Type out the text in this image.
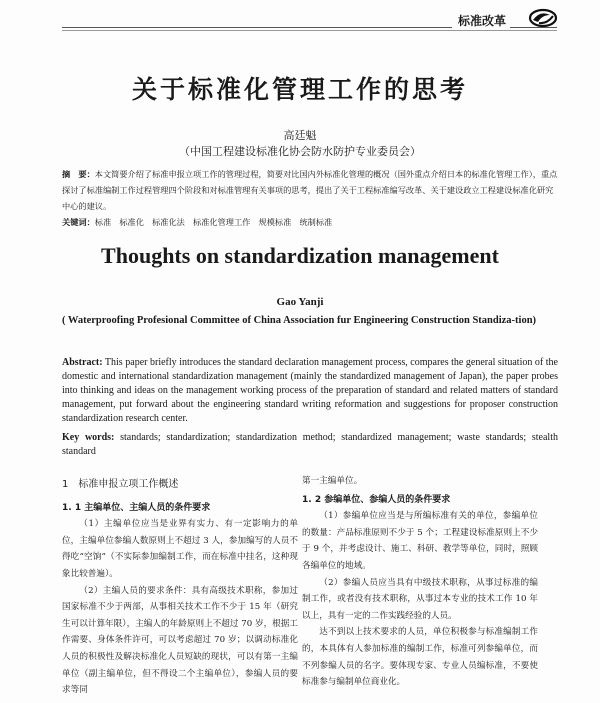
标准改革
关于标准化管理工作的思考
高廷魁
（中国工程建设标准化协会防水防护专业委员会）

摘　要：本文简要介绍了标准申报立项工作的管理过程，简要对比国内外标准化管理的概况（国外重点介绍日本的标准化管理工作），重点探讨了标准编制工作过程管理四个阶段和对标准管理有关事项的思考，提出了关于工程标准编写改革、关于建设政立工程建设标准化研究中心的建议。

关键词：标准　标准化　标准化法　标准化管理工作　规模标准　统制标准

Thoughts on standardization management
Gao Yanji

( Waterproofing Profesional Committee of China Association fur Engineering Construction Standiza-tion)

Abstract: This paper briefly introduces the standard declaration management process, compares the general situation of the domestic and international standardization management (mainly the standardized management of Japan), the paper probes into thinking and ideas on the management working process of the preparation of standard and related matters of standard management, put forward about the engineering standard writing reformation and suggestions for proposer construction standardization research center.

Key words: standards; standardization; standardization method; standardized management; waste standards; stealth standard

1　标准申报立项工作概述

1. 1 主编单位、主编人员的条件要求

（1）主编单位应当是业界有实力、有一定影响力的单位，主编单位参编人数原则上不超过 3 人，参加编写的人员不得吃“空饷”（不实际参加编制工作，而在标准中挂名，这种现象比较普遍）。

（2）主编人员的要求条件：具有高级技术职称，参加过国家标准不少于两部，从事相关技术工作不少于 15 年（研究生可以计算年限），主编人的年龄原则上不超过 70 岁，根据工作需要、身体条件许可，可以考虑超过 70 岁；以调动标准化人员的积极性及解决标准化人员短缺的现状，可以有第一主编单位（副主编单位，但不得设二个主编单位），参编人员的要求等同

第一主编单位。

1. 2 参编单位、参编人员的条件要求

（1）参编单位应当是与所编标准有关的单位，参编单位的数量：产品标准原则不少于 5 个；工程建设标准原则上不少于 9 个，并考虑设计、施工、科研、教学等单位，同时，照顾各编单位的地域。

（2）参编人员应当具有中级技术职称，从事过标准的编制工作，或者没有技术职称，从事过本专业的技术工作 10 年以上，具有一定的二作实践经验的人员。

达不到以上技术要求的人员，单位积极参与标准编制工作的，本具体有人参加标准的编制工作，标准可列参编单位，而不列参编人员的名字。要体现专家、专业人员编标准，不要使标准参与编制单位商业化。
